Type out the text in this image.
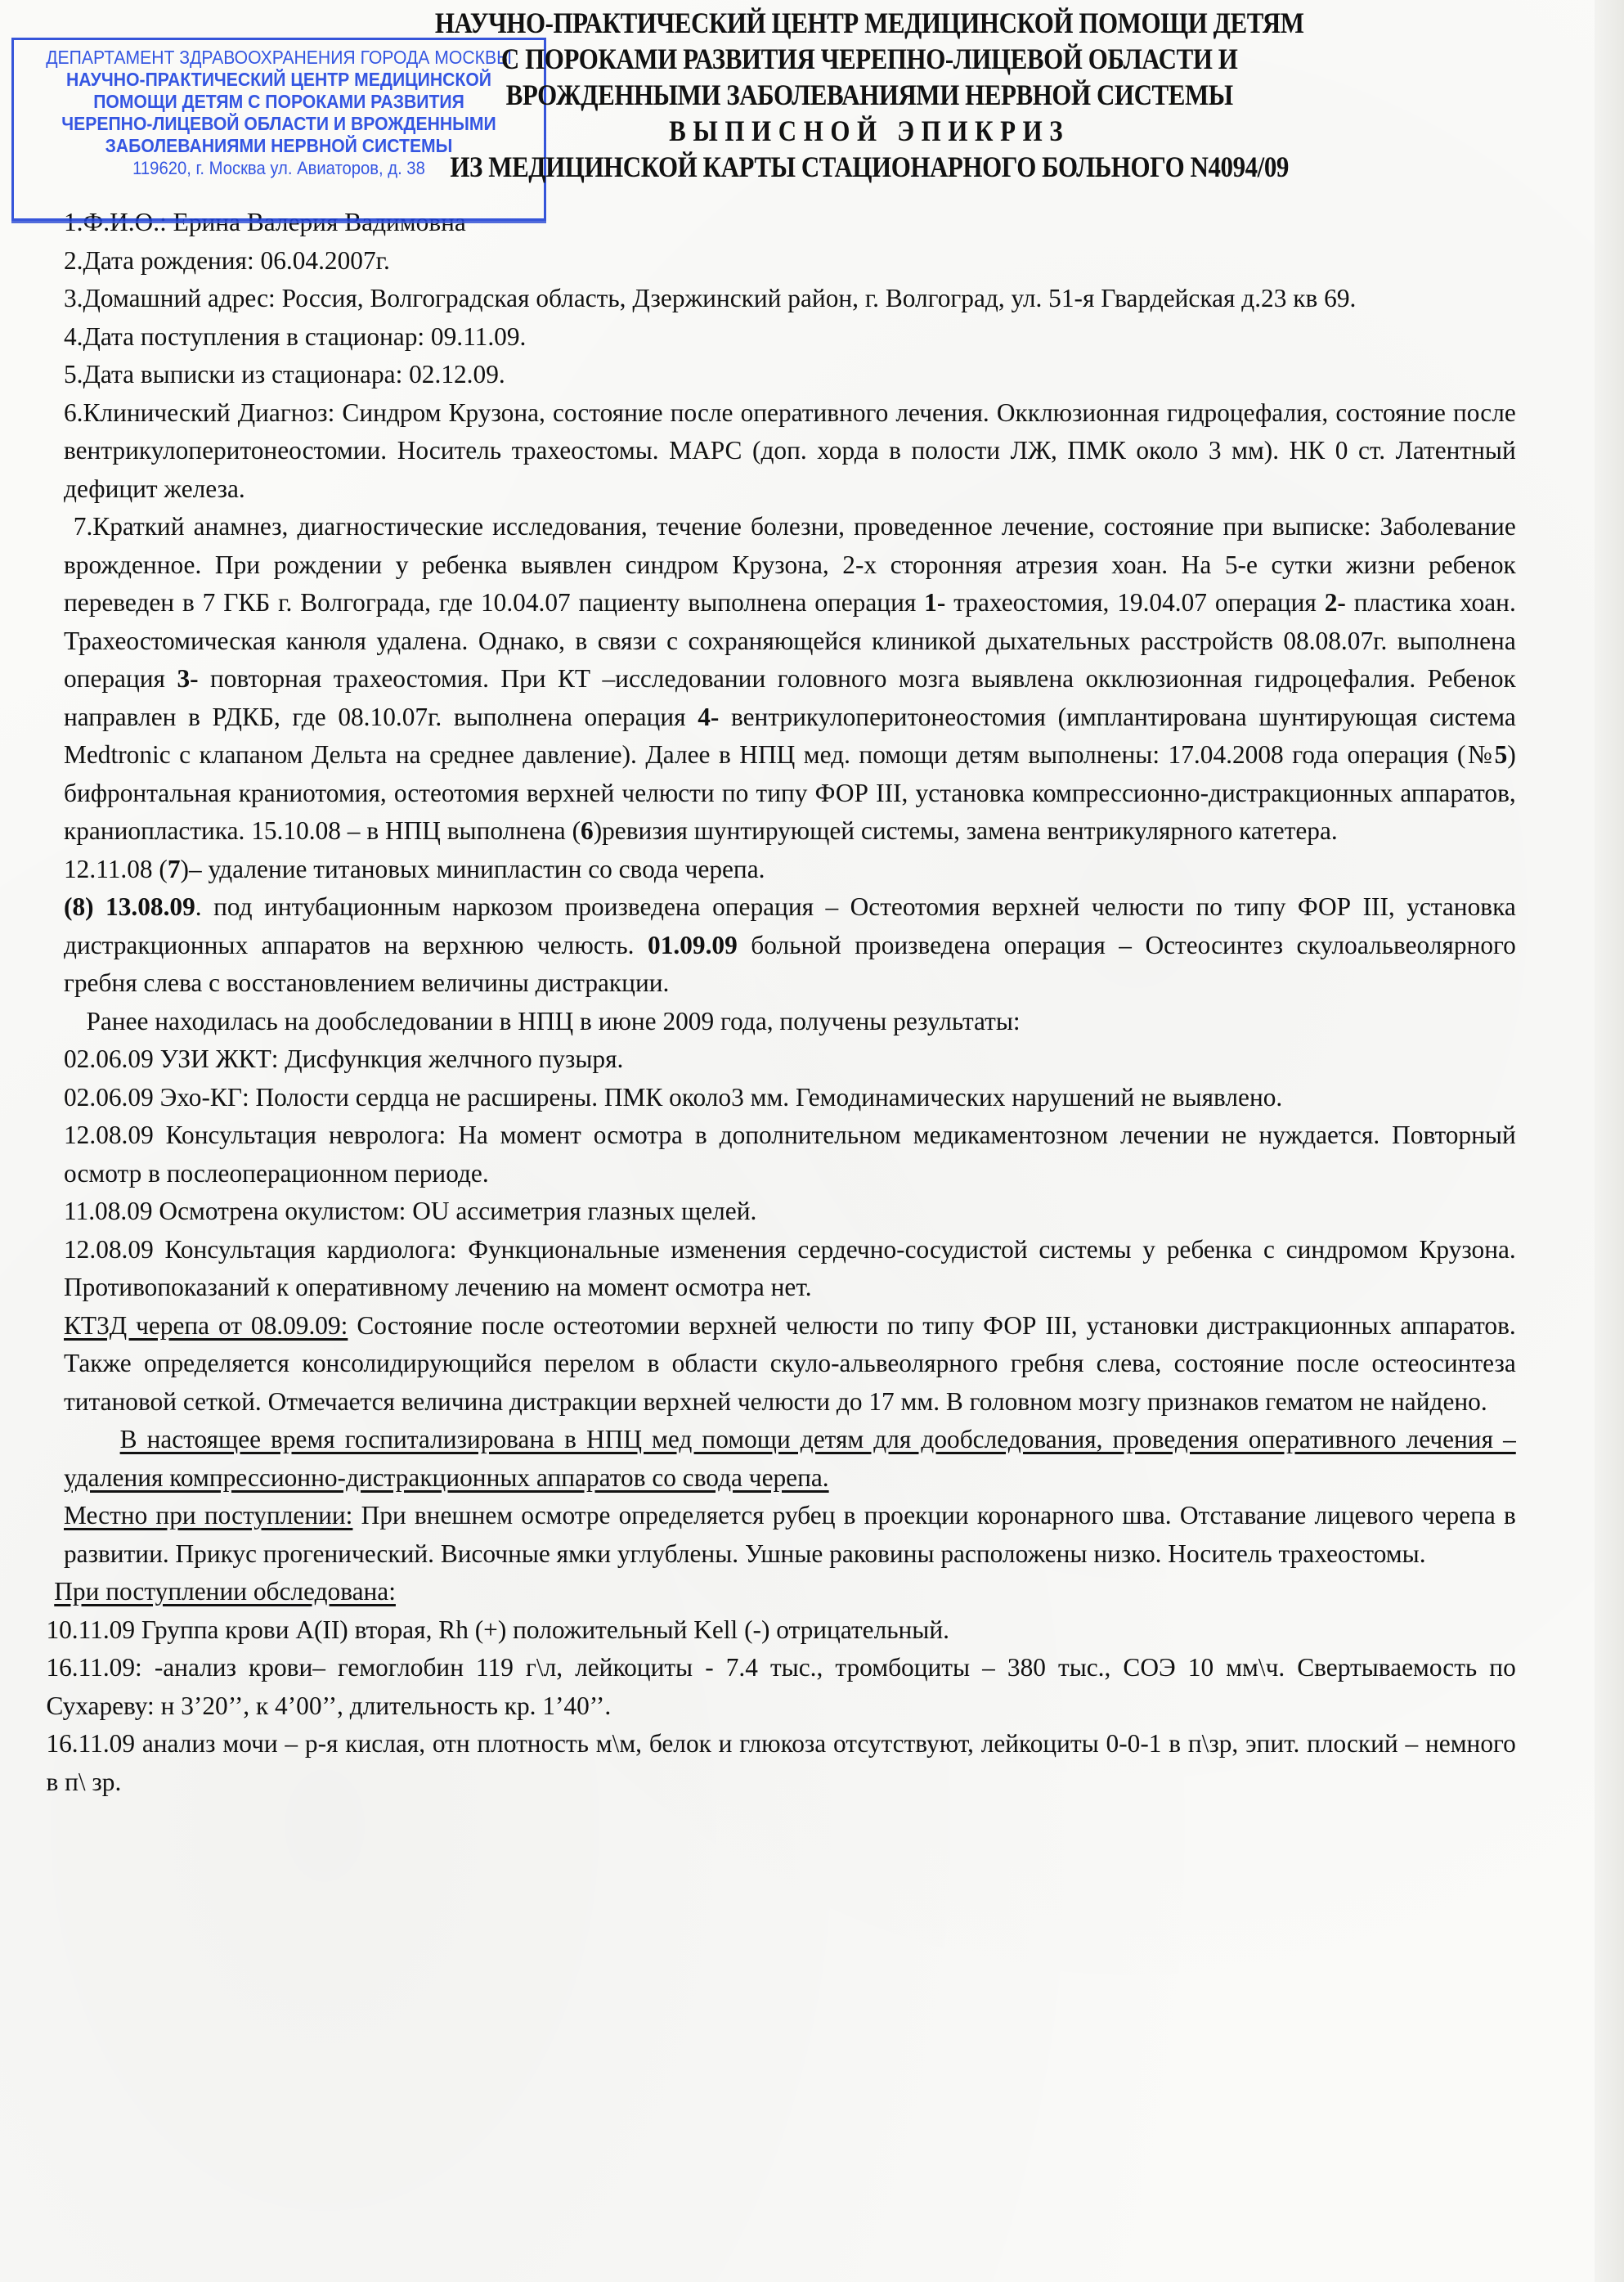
ДЕПАРТАМЕНТ ЗДРАВООХРАНЕНИЯ ГОРОДА МОСКВЫ
НАУЧНО-ПРАКТИЧЕСКИЙ ЦЕНТР МЕДИЦИНСКОЙ
ПОМОЩИ ДЕТЯМ С ПОРОКАМИ РАЗВИТИЯ
ЧЕРЕПНО-ЛИЦЕВОЙ ОБЛАСТИ И ВРОЖДЕННЫМИ
ЗАБОЛЕВАНИЯМИ НЕРВНОЙ СИСТЕМЫ
119620, г. Москва ул. Авиаторов, д. 38
НАУЧНО-ПРАКТИЧЕСКИЙ ЦЕНТР МЕДИЦИНСКОЙ ПОМОЩИ ДЕТЯМ
С ПОРОКАМИ РАЗВИТИЯ ЧЕРЕПНО-ЛИЦЕВОЙ ОБЛАСТИ И
ВРОЖДЕННЫМИ ЗАБОЛЕВАНИЯМИ НЕРВНОЙ СИСТЕМЫ
ВЫПИСНОЙ ЭПИКРИЗ
ИЗ МЕДИЦИНСКОЙ КАРТЫ СТАЦИОНАРНОГО БОЛЬНОГО N4094/09

1.Ф.И.О.: Ерина Валерия Вадимовна

2.Дата рождения: 06.04.2007г.

3.Домашний адрес: Россия, Волгоградская область, Дзержинский район, г. Волгоград, ул. 51-я Гвардейская д.23 кв 69.

4.Дата поступления в стационар: 09.11.09.

5.Дата выписки из стационара: 02.12.09.

6.Клинический Диагноз: Синдром Крузона, состояние после оперативного лечения. Окклюзионная гидроцефалия, состояние после вентрикулоперитонеостомии. Носитель трахеостомы. МАРС (доп. хорда в полости ЛЖ, ПМК около 3 мм). НК 0 ст. Латентный дефицит железа.

7.Краткий анамнез, диагностические исследования, течение болезни, проведенное лечение, состояние при выписке: Заболевание врожденное. При рождении у ребенка выявлен синдром Крузона, 2-х сторонняя атрезия хоан. На 5-е сутки жизни ребенок переведен в 7 ГКБ г. Волгограда, где 10.04.07 пациенту выполнена операция 1- трахеостомия, 19.04.07 операция 2- пластика хоан. Трахеостомическая канюля удалена. Однако, в связи с сохраняющейся клиникой дыхательных расстройств 08.08.07г. выполнена операция 3- повторная трахеостомия. При КТ –исследовании головного мозга выявлена окклюзионная гидроцефалия. Ребенок направлен в РДКБ, где 08.10.07г. выполнена операция 4- вентрикулоперитонеостомия (имплантирована шунтирующая система Medtronic с клапаном Дельта на среднее давление). Далее в НПЦ мед. помощи детям выполнены: 17.04.2008 года операция (№5) бифронтальная краниотомия, остеотомия верхней челюсти по типу ФОР III, установка компрессионно-дистракционных аппаратов, краниопластика. 15.10.08 – в НПЦ выполнена (6)ревизия шунтирующей системы, замена вентрикулярного катетера.

12.11.08 (7)– удаление титановых минипластин со свода черепа.

(8) 13.08.09. под интубационным наркозом произведена операция – Остеотомия верхней челюсти по типу ФОР III, установка дистракционных аппаратов на верхнюю челюсть. 01.09.09 больной произведена операция – Остеосинтез скулоальвеолярного гребня слева с восстановлением величины дистракции.

Ранее находилась на дообследовании в НПЦ в июне 2009 года, получены результаты:

02.06.09 УЗИ ЖКТ: Дисфункция желчного пузыря.

02.06.09 Эхо-КГ: Полости сердца не расширены. ПМК около3 мм. Гемодинамических нарушений не выявлено.

12.08.09 Консультация невролога: На момент осмотра в дополнительном медикаментозном лечении не нуждается. Повторный осмотр в послеоперационном периоде.

11.08.09 Осмотрена окулистом: OU ассиметрия глазных щелей.

12.08.09 Консультация кардиолога: Функциональные изменения сердечно-сосудистой системы у ребенка с синдромом Крузона. Противопоказаний к оперативному лечению на момент осмотра нет.

КТ3Д черепа от 08.09.09: Состояние после остеотомии верхней челюсти по типу ФОР III, установки дистракционных аппаратов. Также определяется консолидирующийся перелом в области скуло-альвеолярного гребня слева, состояние после остеосинтеза титановой сеткой. Отмечается величина дистракции верхней челюсти до 17 мм. В головном мозгу признаков гематом не найдено.

В настоящее время госпитализирована в НПЦ мед помощи детям для дообследования, проведения оперативного лечения – удаления компрессионно-дистракционных аппаратов со свода черепа.

Местно при поступлении: При внешнем осмотре определяется рубец в проекции коронарного шва. Отставание лицевого черепа в развитии. Прикус прогенический. Височные ямки углублены. Ушные раковины расположены низко. Носитель трахеостомы.

При поступлении обследована:

10.11.09 Группа крови A(II) вторая, Rh (+) положительный Kell (-) отрицательный.

16.11.09: -анализ крови– гемоглобин 119 г\л, лейкоциты - 7.4 тыс., тромбоциты – 380 тыс., СОЭ 10 мм\ч. Свертываемость по Сухареву: н 3’20’’, к 4’00’’, длительность кр. 1’40’’.

16.11.09 анализ мочи – р-я кислая, отн плотность м\м, белок и глюкоза отсутствуют, лейкоциты 0-0-1 в п\зр, эпит. плоский – немного в п\ зр.
